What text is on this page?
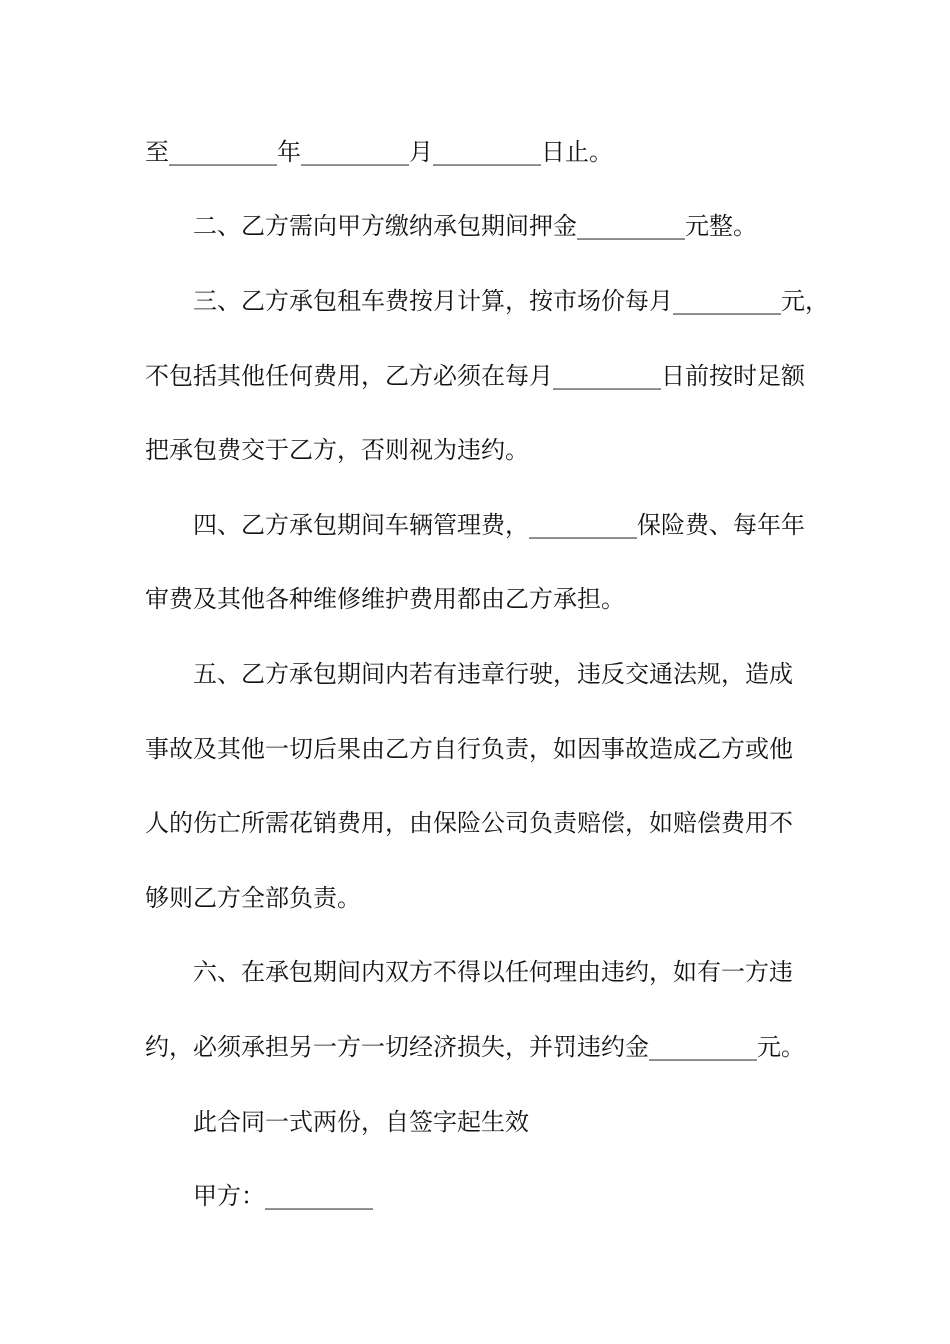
至_________年_________月_________日止。
二、乙方需向甲方缴纳承包期间押金_________元整。
三、乙方承包租车费按月计算，按市场价每月_________元，
不包括其他任何费用，乙方必须在每月_________日前按时足额
把承包费交于乙方，否则视为违约。
四、乙方承包期间车辆管理费，_________保险费、每年年
审费及其他各种维修维护费用都由乙方承担。
五、乙方承包期间内若有违章行驶，违反交通法规，造成
事故及其他一切后果由乙方自行负责，如因事故造成乙方或他
人的伤亡所需花销费用，由保险公司负责赔偿，如赔偿费用不
够则乙方全部负责。
六、在承包期间内双方不得以任何理由违约，如有一方违
约，必须承担另一方一切经济损失，并罚违约金_________元。
此合同一式两份，自签字起生效
甲方：_________
